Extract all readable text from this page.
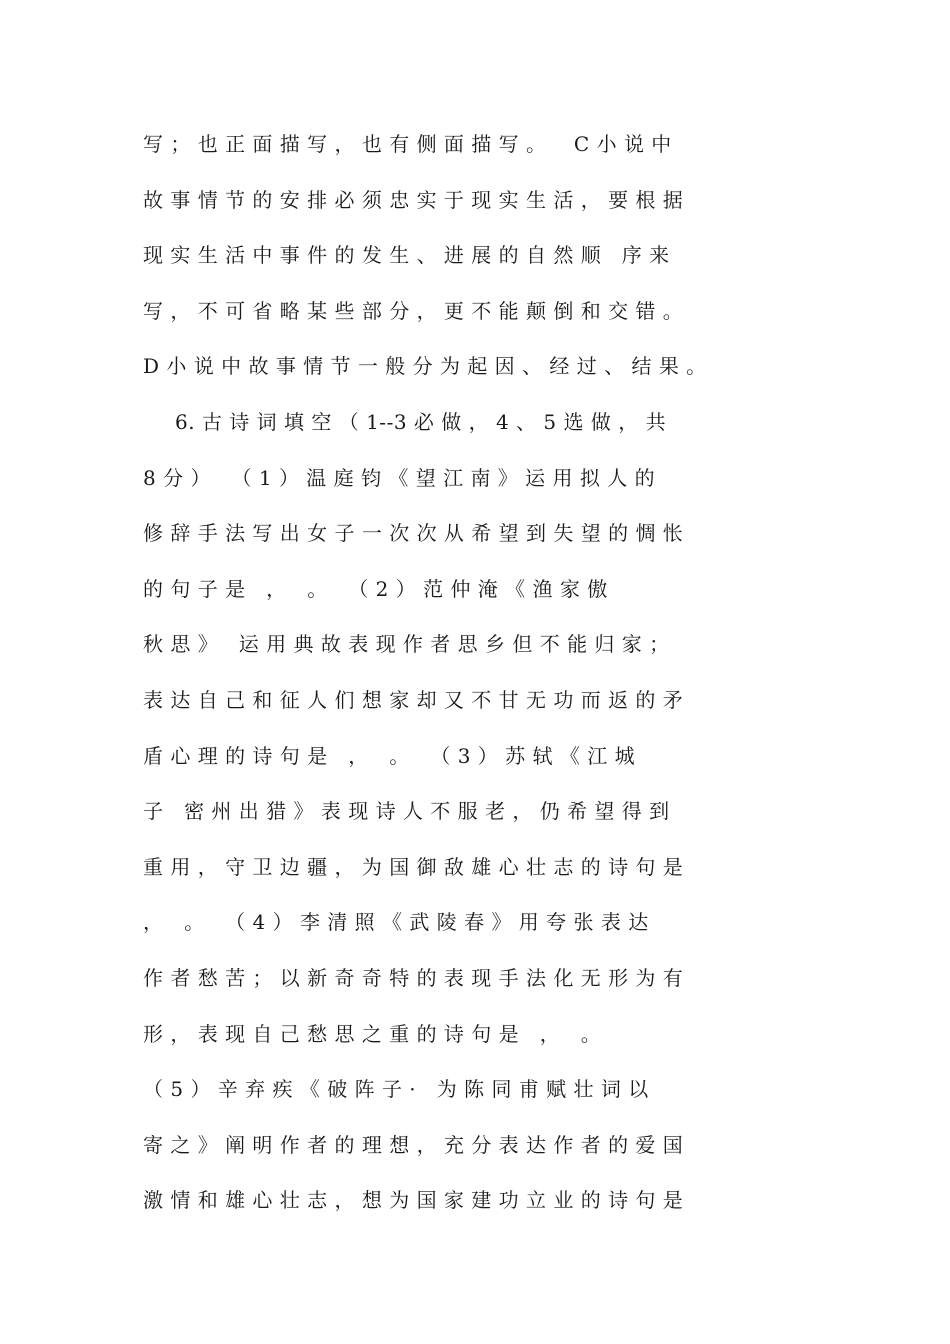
写 ； 也 正 面 描 写 ， 也 有 侧 面 描 写 。    C 小 说 中
故 事 情 节 的 安 排 必 须 忠 实 于 现 实 生 活 ， 要 根 据
现 实 生 活 中 事 件 的 发 生 、 进 展 的 自 然 顺   序 来
写 ， 不 可 省 略 某 些 部 分 ， 更 不 能 颠 倒 和 交 错 。
D 小 说 中 故 事 情 节 一 般 分 为 起 因 、 经 过 、 结 果 。
6. 古 诗 词 填 空 （ 1--3 必 做 ， 4 、 5 选 做 ， 共
8 分 ）   （ 1 ） 温 庭 钧 《 望 江 南 》 运 用 拟 人 的
修 辞 手 法 写 出 女 子 一 次 次 从 希 望 到 失 望 的 惆 怅
的 句 子 是   ，   。   （ 2 ） 范 仲 淹 《 渔 家 傲
秋 思 》   运 用 典 故 表 现 作 者 思 乡 但 不 能 归 家 ；
表 达 自 己 和 征 人 们 想 家 却 又 不 甘 无 功 而 返 的 矛
盾 心 理 的 诗 句 是   ，   。   （ 3 ） 苏 轼 《 江 城
子   密 州 出 猎 》 表 现 诗 人 不 服 老 ， 仍 希 望 得 到
重 用 ， 守 卫 边 疆 ， 为 国 御 敌 雄 心 壮 志 的 诗 句 是
，   。   （ 4 ） 李 清 照 《 武 陵 春 》 用 夸 张 表 达
作 者 愁 苦 ； 以 新 奇 奇 特 的 表 现 手 法 化 无 形 为 有
形 ， 表 现 自 己 愁 思 之 重 的 诗 句 是   ，   。
（ 5 ） 辛 弃 疾 《 破 阵 子 ·   为 陈 同 甫 赋 壮 词 以
寄 之 》 阐 明 作 者 的 理 想 ， 充 分 表 达 作 者 的 爱 国
激 情 和 雄 心 壮 志 ， 想 为 国 家 建 功 立 业 的 诗 句 是
